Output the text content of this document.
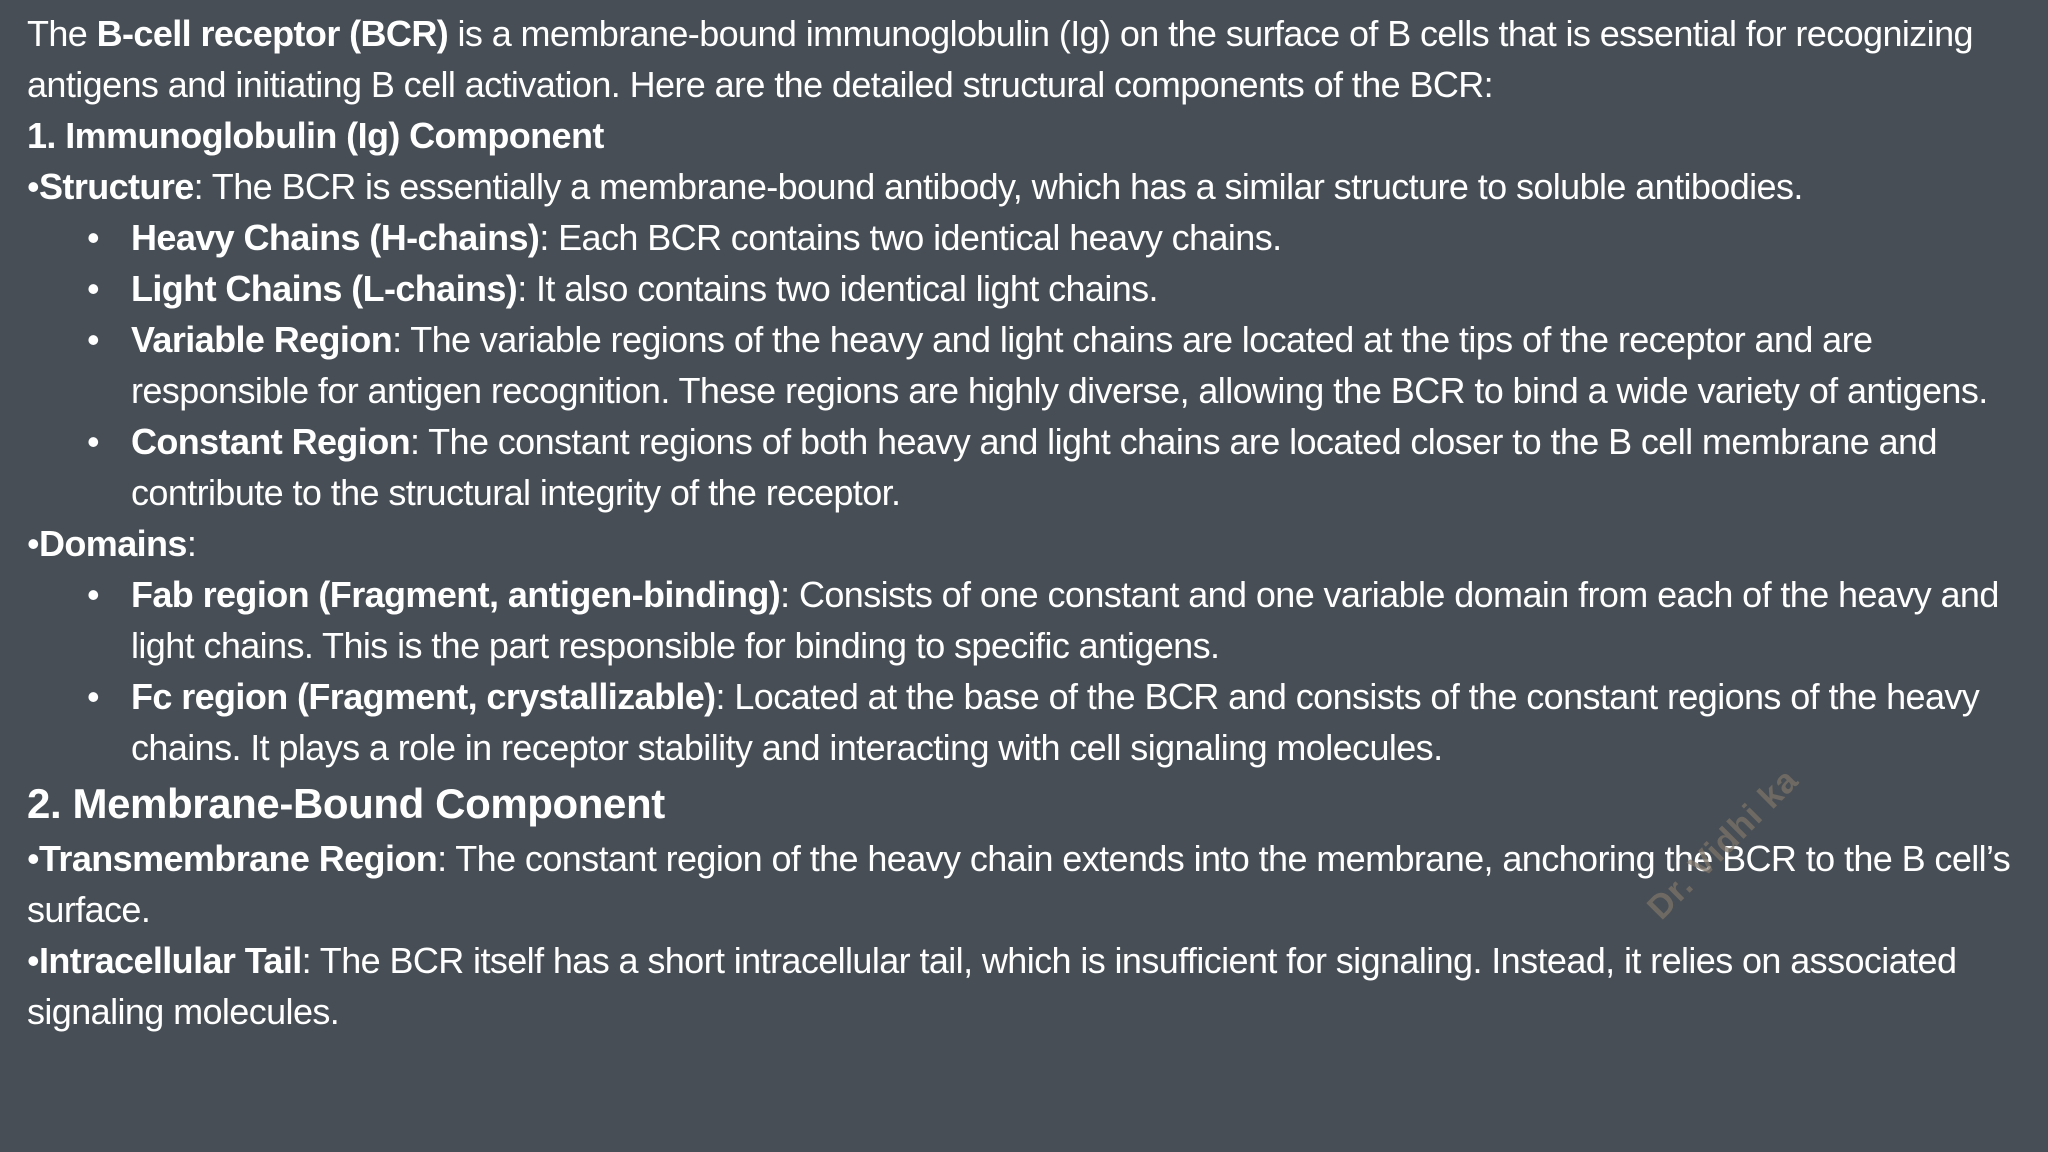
The B-cell receptor (BCR) is a membrane-bound immunoglobulin (Ig) on the surface of B cells that is essential for recognizing antigens and initiating B cell activation. Here are the detailed structural components of the BCR:
1. Immunoglobulin (Ig) Component
•Structure: The BCR is essentially a membrane-bound antibody, which has a similar structure to soluble antibodies.
• Heavy Chains (H-chains): Each BCR contains two identical heavy chains.
• Light Chains (L-chains): It also contains two identical light chains.
• Variable Region: The variable regions of the heavy and light chains are located at the tips of the receptor and are responsible for antigen recognition. These regions are highly diverse, allowing the BCR to bind a wide variety of antigens.
• Constant Region: The constant regions of both heavy and light chains are located closer to the B cell membrane and contribute to the structural integrity of the receptor.
•Domains:
• Fab region (Fragment, antigen-binding): Consists of one constant and one variable domain from each of the heavy and light chains. This is the part responsible for binding to specific antigens.
• Fc region (Fragment, crystallizable): Located at the base of the BCR and consists of the constant regions of the heavy chains. It plays a role in receptor stability and interacting with cell signaling molecules.
2. Membrane-Bound Component
•Transmembrane Region: The constant region of the heavy chain extends into the membrane, anchoring the BCR to the B cell’s surface.
•Intracellular Tail: The BCR itself has a short intracellular tail, which is insufficient for signaling. Instead, it relies on associated signaling molecules.
Dr. Vidhi ka
